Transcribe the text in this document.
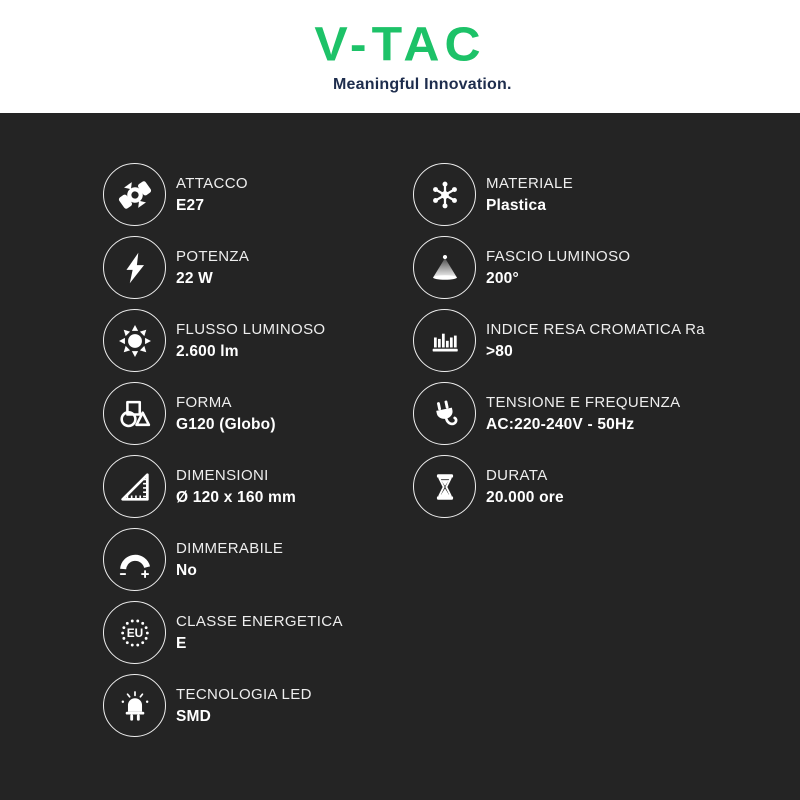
V-TAC
Meaningful Innovation.
ATTACCO
E27
POTENZA
22 W
FLUSSO LUMINOSO
2.600 lm
FORMA
G120 (Globo)
DIMENSIONI
Ø 120 x 160 mm
DIMMERABILE
No
EU
CLASSE ENERGETICA
E
TECNOLOGIA LED
SMD
MATERIALE
Plastica
FASCIO LUMINOSO
200°
INDICE RESA CROMATICA Ra
>80
TENSIONE E FREQUENZA
AC:220-240V - 50Hz
DURATA
20.000 ore
